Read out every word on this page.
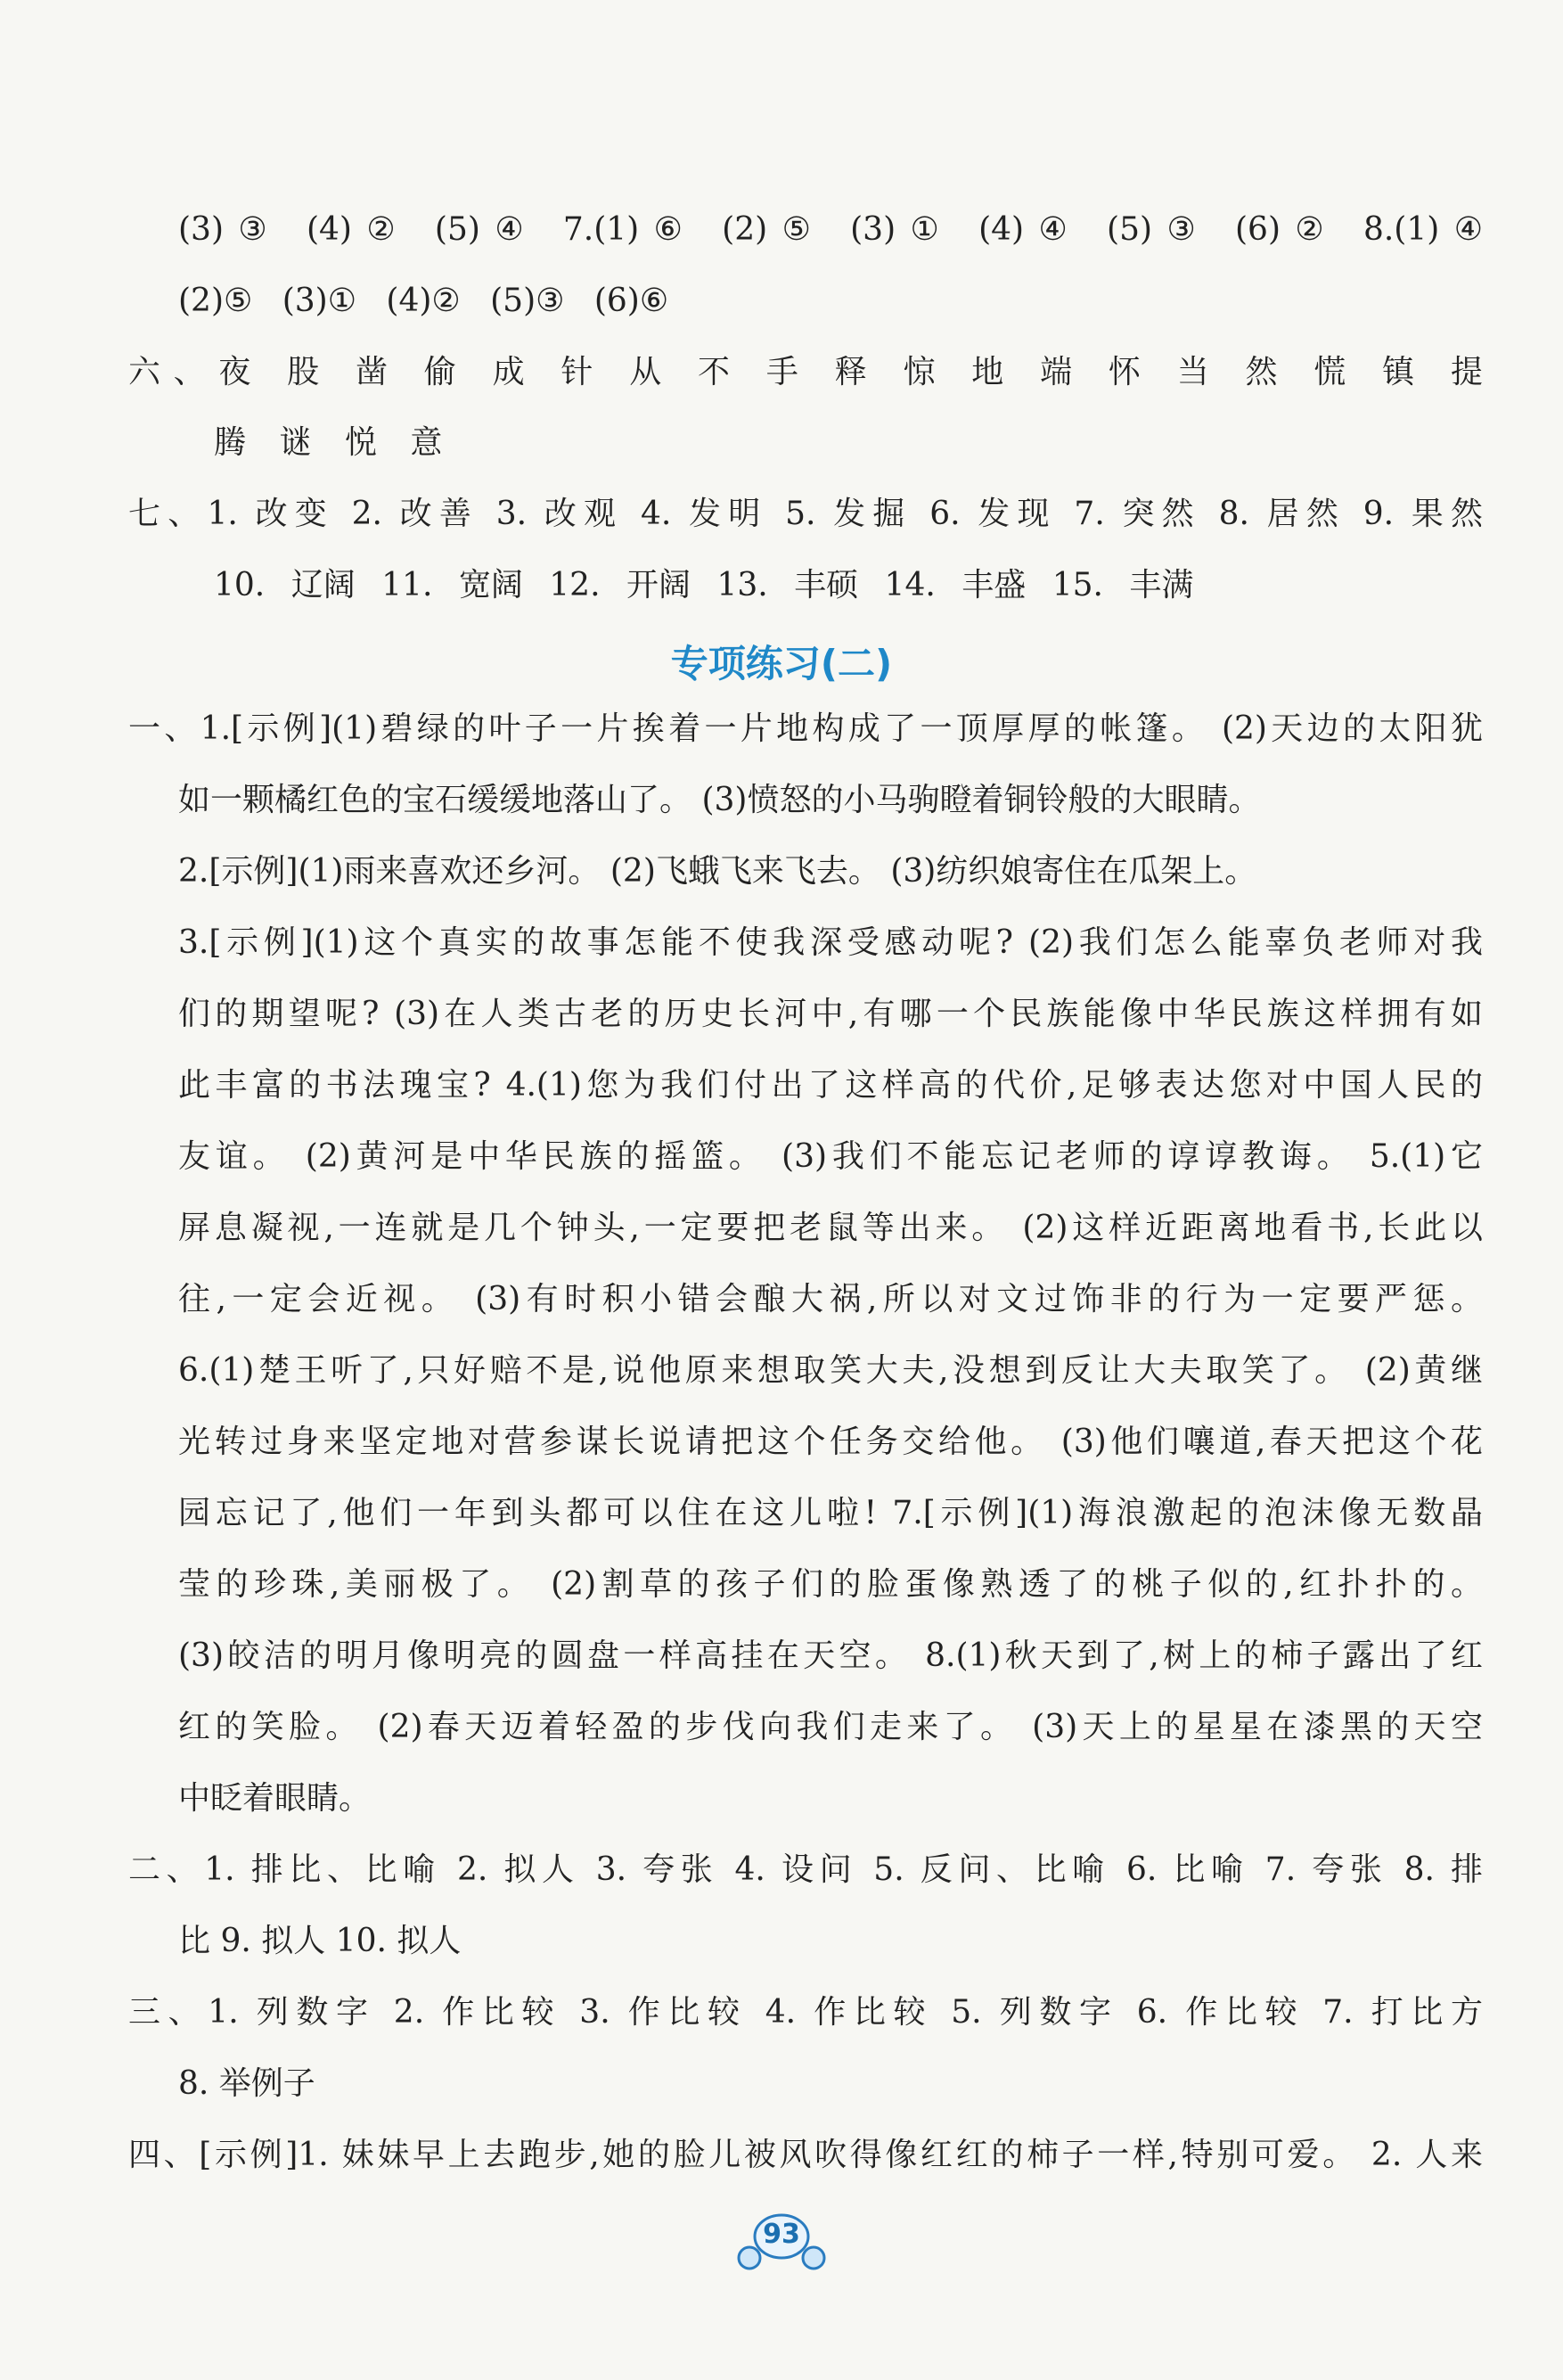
(3)③ (4)② (5)④ 7.(1)⑥ (2)⑤ (3)① (4)④ (5)③ (6)② 8.(1)④
(2)⑤ (3)① (4)② (5)③ (6)⑥
六、夜 股 凿 偷 成 针 从 不 手 释 惊 地 端 怀 当 然 慌 镇 提
腾 谜 悦 意
七、1. 改变 2. 改善 3. 改观 4. 发明 5. 发掘 6. 发现 7. 突然 8. 居然 9. 果然
10. 辽阔 11. 宽阔 12. 开阔 13. 丰硕 14. 丰盛 15. 丰满
专项练习(二)
一、1.[示例](1)碧绿的叶子一片挨着一片地构成了一顶厚厚的帐篷。 (2)天边的太阳犹
如一颗橘红色的宝石缓缓地落山了。 (3)愤怒的小马驹瞪着铜铃般的大眼睛。
2.[示例](1)雨来喜欢还乡河。 (2)飞蛾飞来飞去。 (3)纺织娘寄住在瓜架上。
3.[示例](1)这个真实的故事怎能不使我深受感动呢? (2)我们怎么能辜负老师对我
们的期望呢? (3)在人类古老的历史长河中,有哪一个民族能像中华民族这样拥有如
此丰富的书法瑰宝? 4.(1)您为我们付出了这样高的代价,足够表达您对中国人民的
友谊。 (2)黄河是中华民族的摇篮。 (3)我们不能忘记老师的谆谆教诲。 5.(1)它
屏息凝视,一连就是几个钟头,一定要把老鼠等出来。 (2)这样近距离地看书,长此以
往,一定会近视。 (3)有时积小错会酿大祸,所以对文过饰非的行为一定要严惩。
6.(1)楚王听了,只好赔不是,说他原来想取笑大夫,没想到反让大夫取笑了。 (2)黄继
光转过身来坚定地对营参谋长说请把这个任务交给他。 (3)他们嚷道,春天把这个花
园忘记了,他们一年到头都可以住在这儿啦! 7.[示例](1)海浪激起的泡沫像无数晶
莹的珍珠,美丽极了。 (2)割草的孩子们的脸蛋像熟透了的桃子似的,红扑扑的。
(3)皎洁的明月像明亮的圆盘一样高挂在天空。 8.(1)秋天到了,树上的柿子露出了红
红的笑脸。 (2)春天迈着轻盈的步伐向我们走来了。 (3)天上的星星在漆黑的天空
中眨着眼睛。
二、1. 排比、比喻 2. 拟人 3. 夸张 4. 设问 5. 反问、比喻 6. 比喻 7. 夸张 8. 排
比 9. 拟人 10. 拟人
三、1. 列数字 2. 作比较 3. 作比较 4. 作比较 5. 列数字 6. 作比较 7. 打比方
8. 举例子
四、[示例]1. 妹妹早上去跑步,她的脸儿被风吹得像红红的柿子一样,特别可爱。 2. 人来
93
